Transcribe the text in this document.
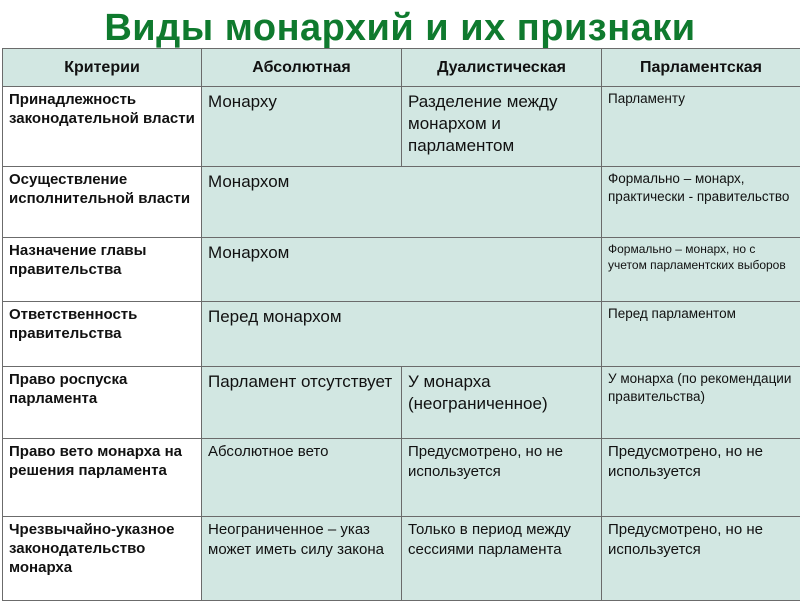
Виды монархий и их признаки
Критерии	Абсолютная	Дуалистическая	Парламентская
Принадлежность законодательной власти	Монарху	Разделение между монархом и парламентом	Парламенту
Осуществление исполнительной власти	Монархом		Формально – монарх, практически - правительство
Назначение главы правительства	Монархом		Формально – монарх, но с учетом парламентских выборов
Ответственность правительства	Перед монархом		Перед парламентом
Право роспуска парламента	Парламент отсутствует	У монарха (неограниченное)	У монарха (по рекомендации правительства)
Право вето монарха на решения парламента	Абсолютное вето	Предусмотрено, но не используется	Предусмотрено, но не используется
Чрезвычайно-указное законодательство монарха	Неограниченное – указ может иметь силу закона	Только в период между сессиями парламента	Предусмотрено, но не используется
